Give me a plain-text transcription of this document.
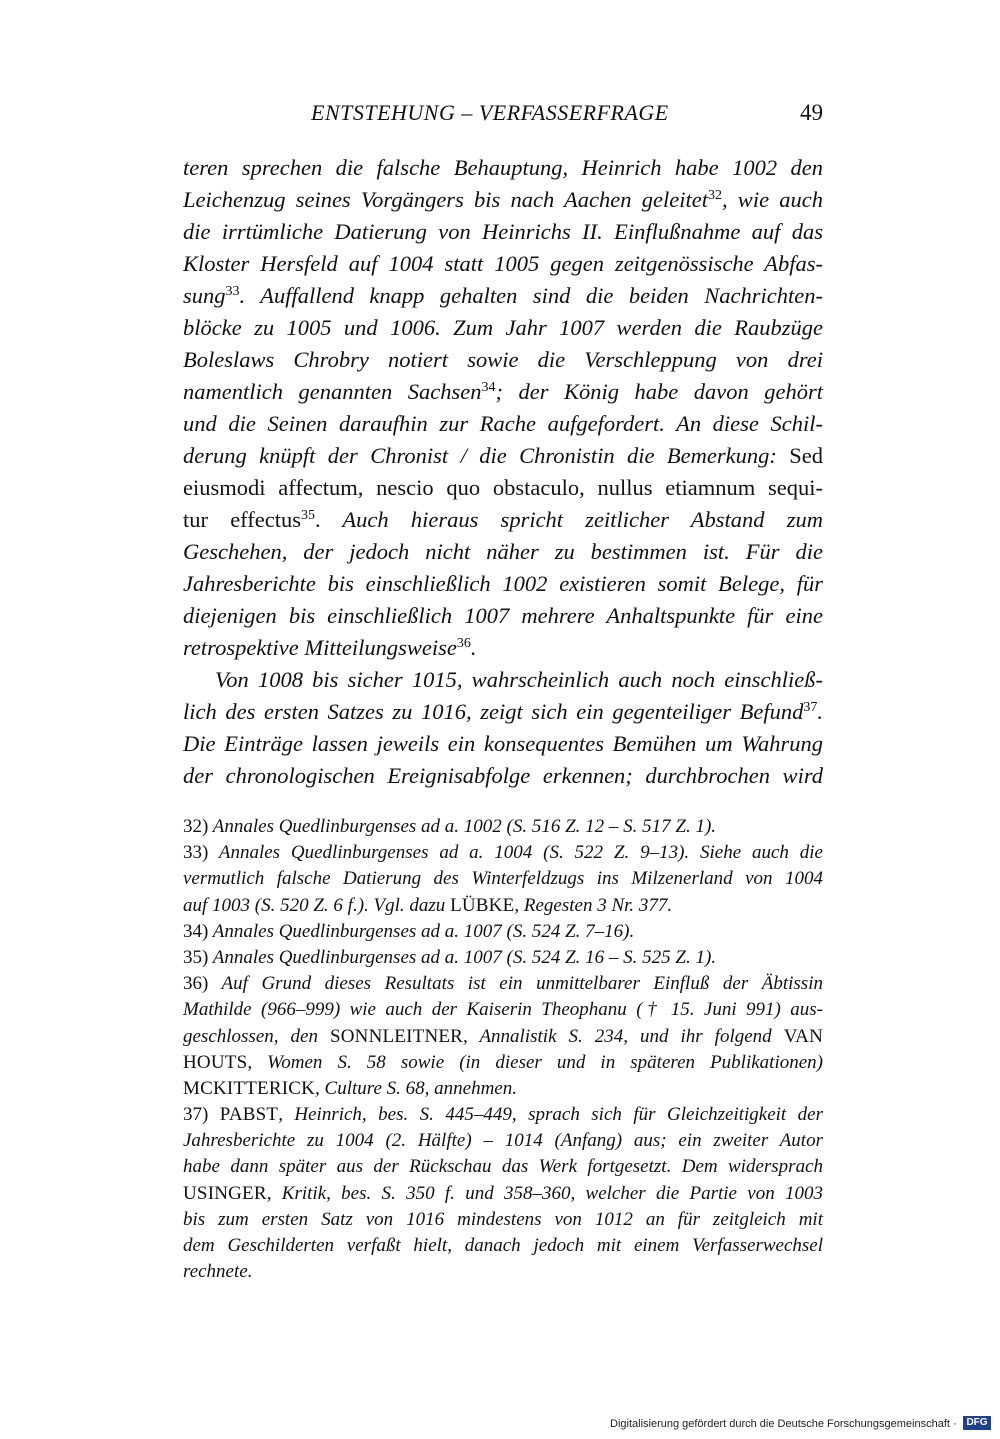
ENTSTEHUNG – VERFASSERFRAGE	49
teren sprechen die falsche Behauptung, Heinrich habe 1002 den
Leichenzug seines Vorgängers bis nach Aachen geleitet$^{32}$, wie auch
die irrtümliche Datierung von Heinrichs II. Einflußnahme auf das
Kloster Hersfeld auf 1004 statt 1005 gegen zeitgenössische Abfas-
sung$^{33}$. Auffallend knapp gehalten sind die beiden Nachrichten-
blöcke zu 1005 und 1006. Zum Jahr 1007 werden die Raubzüge
Boleslaws Chrobry notiert sowie die Verschleppung von drei
namentlich genannten Sachsen$^{34}$; der König habe davon gehört
und die Seinen daraufhin zur Rache aufgefordert. An diese Schil-
derung knüpft der Chronist / die Chronistin die Bemerkung: Sed
eiusmodi affectum, nescio quo obstaculo, nullus etiamnum sequi-
tur effectus$^{35}$. Auch hieraus spricht zeitlicher Abstand zum
Geschehen, der jedoch nicht näher zu bestimmen ist. Für die
Jahresberichte bis einschließlich 1002 existieren somit Belege, für
diejenigen bis einschließlich 1007 mehrere Anhaltspunkte für eine
retrospektive Mitteilungsweise$^{36}$.
Von 1008 bis sicher 1015, wahrscheinlich auch noch einschließ-
lich des ersten Satzes zu 1016, zeigt sich ein gegenteiliger Befund$^{37}$.
Die Einträge lassen jeweils ein konsequentes Bemühen um Wahrung
der chronologischen Ereignisabfolge erkennen; durchbrochen wird
32) Annales Quedlinburgenses ad a. 1002 (S. 516 Z. 12 – S. 517 Z. 1).
33) Annales Quedlinburgenses ad a. 1004 (S. 522 Z. 9–13). Siehe auch die
vermutlich falsche Datierung des Winterfeldzugs ins Milzenerland von 1004
auf 1003 (S. 520 Z. 6 f.). Vgl. dazu LÜBKE, Regesten 3 Nr. 377.
34) Annales Quedlinburgenses ad a. 1007 (S. 524 Z. 7–16).
35) Annales Quedlinburgenses ad a. 1007 (S. 524 Z. 16 – S. 525 Z. 1).
36) Auf Grund dieses Resultats ist ein unmittelbarer Einfluß der Äbtissin
Mathilde (966–999) wie auch der Kaiserin Theophanu († 15. Juni 991) aus-
geschlossen, den SONNLEITNER, Annalistik S. 234, und ihr folgend VAN
HOUTS, Women S. 58 sowie (in dieser und in späteren Publikationen)
MCKITTERICK, Culture S. 68, annehmen.
37) PABST, Heinrich, bes. S. 445–449, sprach sich für Gleichzeitigkeit der
Jahresberichte zu 1004 (2. Hälfte) – 1014 (Anfang) aus; ein zweiter Autor
habe dann später aus der Rückschau das Werk fortgesetzt. Dem widersprach
USINGER, Kritik, bes. S. 350 f. und 358–360, welcher die Partie von 1003
bis zum ersten Satz von 1016 mindestens von 1012 an für zeitgleich mit
dem Geschilderten verfaßt hielt, danach jedoch mit einem Verfasserwechsel
rechnete.
Digitalisierung gefördert durch die Deutsche Forschungsgemeinschaft · DFG
